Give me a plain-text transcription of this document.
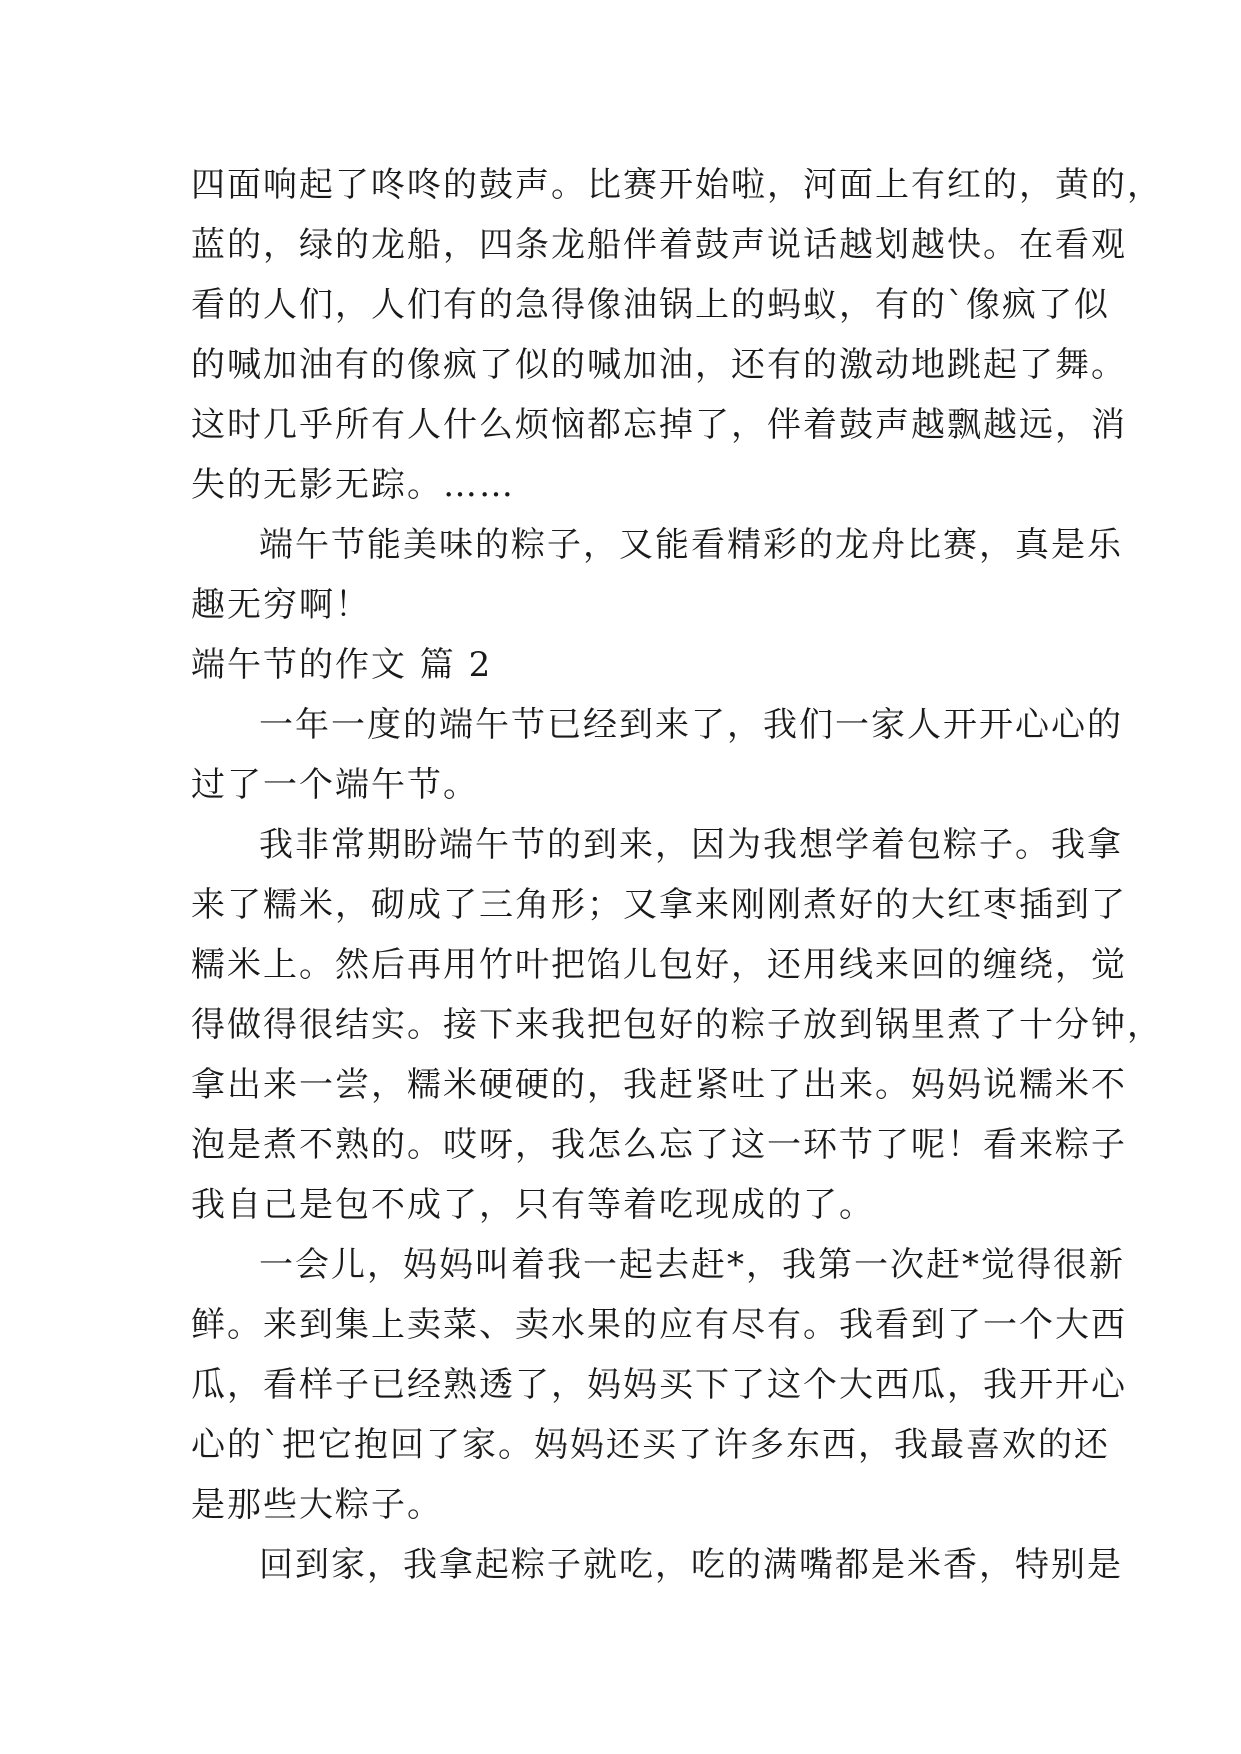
四面响起了咚咚的鼓声。比赛开始啦，河面上有红的，黄的，
蓝的，绿的龙船，四条龙船伴着鼓声说话越划越快。在看观
看的人们，人们有的急得像油锅上的蚂蚁，有的`像疯了似
的喊加油有的像疯了似的喊加油，还有的激动地跳起了舞。
这时几乎所有人什么烦恼都忘掉了，伴着鼓声越飘越远，消
失的无影无踪。……
端午节能美味的粽子，又能看精彩的龙舟比赛，真是乐
趣无穷啊！
端午节的作文 篇 2
一年一度的端午节已经到来了，我们一家人开开心心的
过了一个端午节。
我非常期盼端午节的到来，因为我想学着包粽子。我拿
来了糯米，砌成了三角形；又拿来刚刚煮好的大红枣插到了
糯米上。然后再用竹叶把馅儿包好，还用线来回的缠绕，觉
得做得很结实。接下来我把包好的粽子放到锅里煮了十分钟，
拿出来一尝，糯米硬硬的，我赶紧吐了出来。妈妈说糯米不
泡是煮不熟的。哎呀，我怎么忘了这一环节了呢！看来粽子
我自己是包不成了，只有等着吃现成的了。
一会儿，妈妈叫着我一起去赶*，我第一次赶*觉得很新
鲜。来到集上卖菜、卖水果的应有尽有。我看到了一个大西
瓜，看样子已经熟透了，妈妈买下了这个大西瓜，我开开心
心的`把它抱回了家。妈妈还买了许多东西，我最喜欢的还
是那些大粽子。
回到家，我拿起粽子就吃，吃的满嘴都是米香，特别是
